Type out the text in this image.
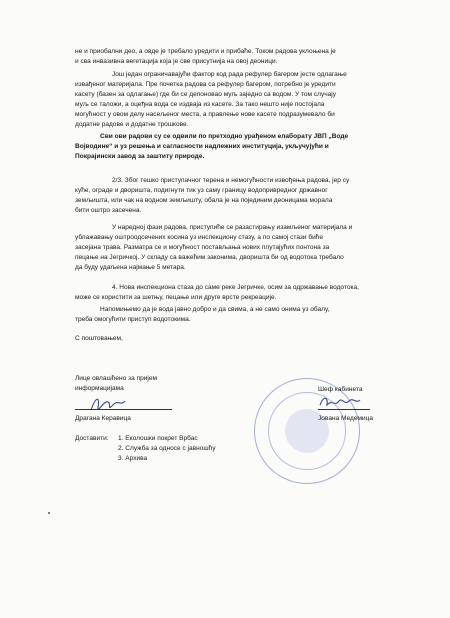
не и приобални део, а овде је требало уредити и прибаће. Током радова уклоњена је
и сва инвазивна вегетација која је све присутнија на овој деоници.
Још један ограничавајући фактор код рада рефулер багером јесте одлагање
извађеног материјала. Пре почетка радова са рефулер багером, потребно је уредити
касету (базен за одлагање) где би се депоновао муљ заједно са водом. У том случају
муљ се таложи, а оцеђна вода се издваја из касете. За тако нешто није постојала
могућност у овом делу насељеног места, а правлење нове касете подразумевало би
додатне радове и додатне трошкове.
Сви ови радови су се одвили по претходно урађеном елаборату ЈВП „Воде
Војводине“ и уз решења и сагласности надлежних институција, укључујући и
Покрајински завод за заштиту природе.
2/3. Због тешко приступачног терена и немогућности извођења радова, јер су
куће, ограде и двориштa, подигнути тик уз саму границу водопривредног државног
земљишта, или чак на водном земљишту, обала је на појединим деоницама морала
бити оштро засечена.
У наредној фази радова, приступиће се разастирању изамљеног материјала и
ублажавању оштроодсечених косина уз инспекциону стазу, а по самој стази биће
засејана трава. Разматра се и могућност постављања нових плутајућих понтона за
пецање на Јегричкој. У складу са важећим законима, дворишта би од водотока требало
да буду удаљена најмање 5 метара.
4. Нова инспекциона стаза до саме реке Јегричке, осим за одржавање водотока,
може се користити за шетњу, пецање или друге врсте рекреације.
Напомињемо да је вода јавно добро и да свима, а не само онима уз обалу,
треба омогућити приступ водотокима.
С поштовањем,
Лице овлашћено за пријем
информацијама
Драгана Керавица
Шеф кабинета
Јована Медемица
Доставити: 1. Еколошки покрет Врбас
2. Служба за односе с јавношћу
3. Архива
